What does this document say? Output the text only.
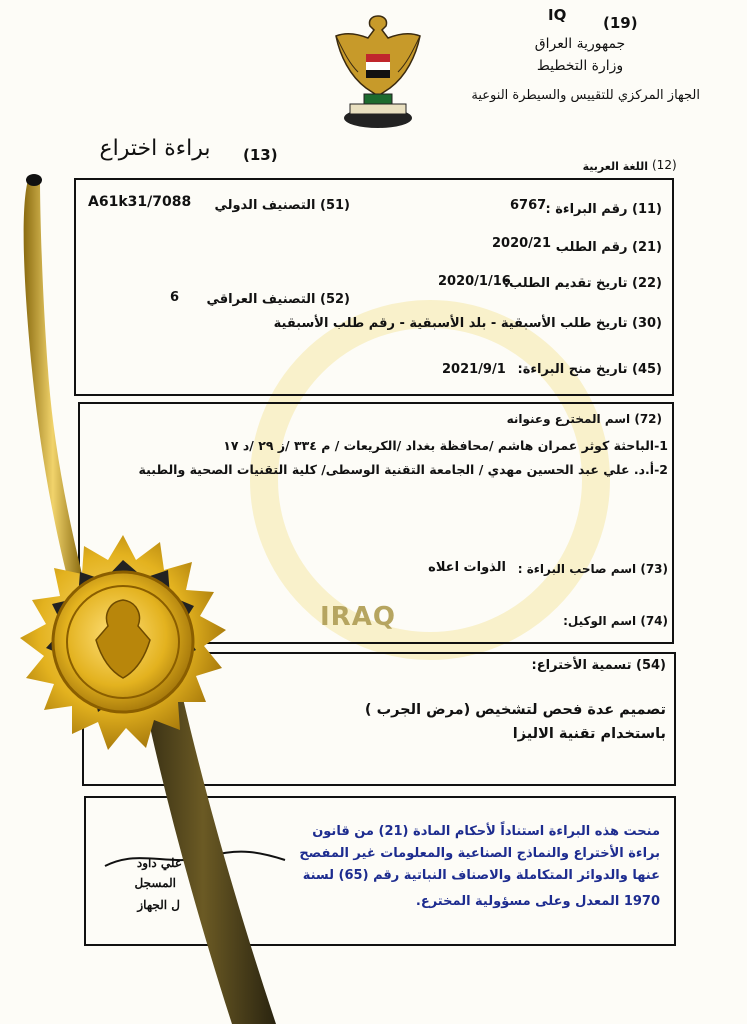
IQ (19)
جمهورية العراق
وزارة التخطيط
الجهاز المركزي للتقييس والسيطرة النوعية
(13)
براءة اختراع
(12)
اللغة العربية
A61k31/7088 (51) التصنيف الدولي	6767 (11) رقم البراءة :
2020/21 (21) رقم الطلب
(22) تاريخ تقديم الطلب:
2020/1/16
(52) التصنيف العراقي
6
(30) تاريخ طلب الأسبقية - بلد الأسبقية - رقم طلب الأسبقية
(45) تاريخ منح البراءة:
2021/9/1
(72) اسم المخترع وعنوانه
1-الباحثة كوثر عمران هاشم /محافظة بغداد /الكريعات / م ٣٣٤ /ز ٢٩ /د ١٧
2-أ.د. علي عبد الحسين مهدي / الجامعة التقنية الوسطى/ كلية التقنيات الصحية والطبية
(73) اسم صاحب البراءة :
الذوات اعلاه
IRAQ	(74) اسم الوكيل:
(54) تسمية الأختراع:
تصميم عدة فحص لتشخيص (مرض الجرب )
باستخدام تقنية الاليزا
منحت هذه البراءة استناداً لأحكام المادة (21) من قانون
براءة الأختراع والنماذج الصناعية والمعلومات غير المفصح
عنها والدوائر المتكاملة والاصناف النباتية رقم (65) لسنة
1970 المعدل وعلى مسؤولية المخترع.
علي داود
المسجل
ل الجهاز
